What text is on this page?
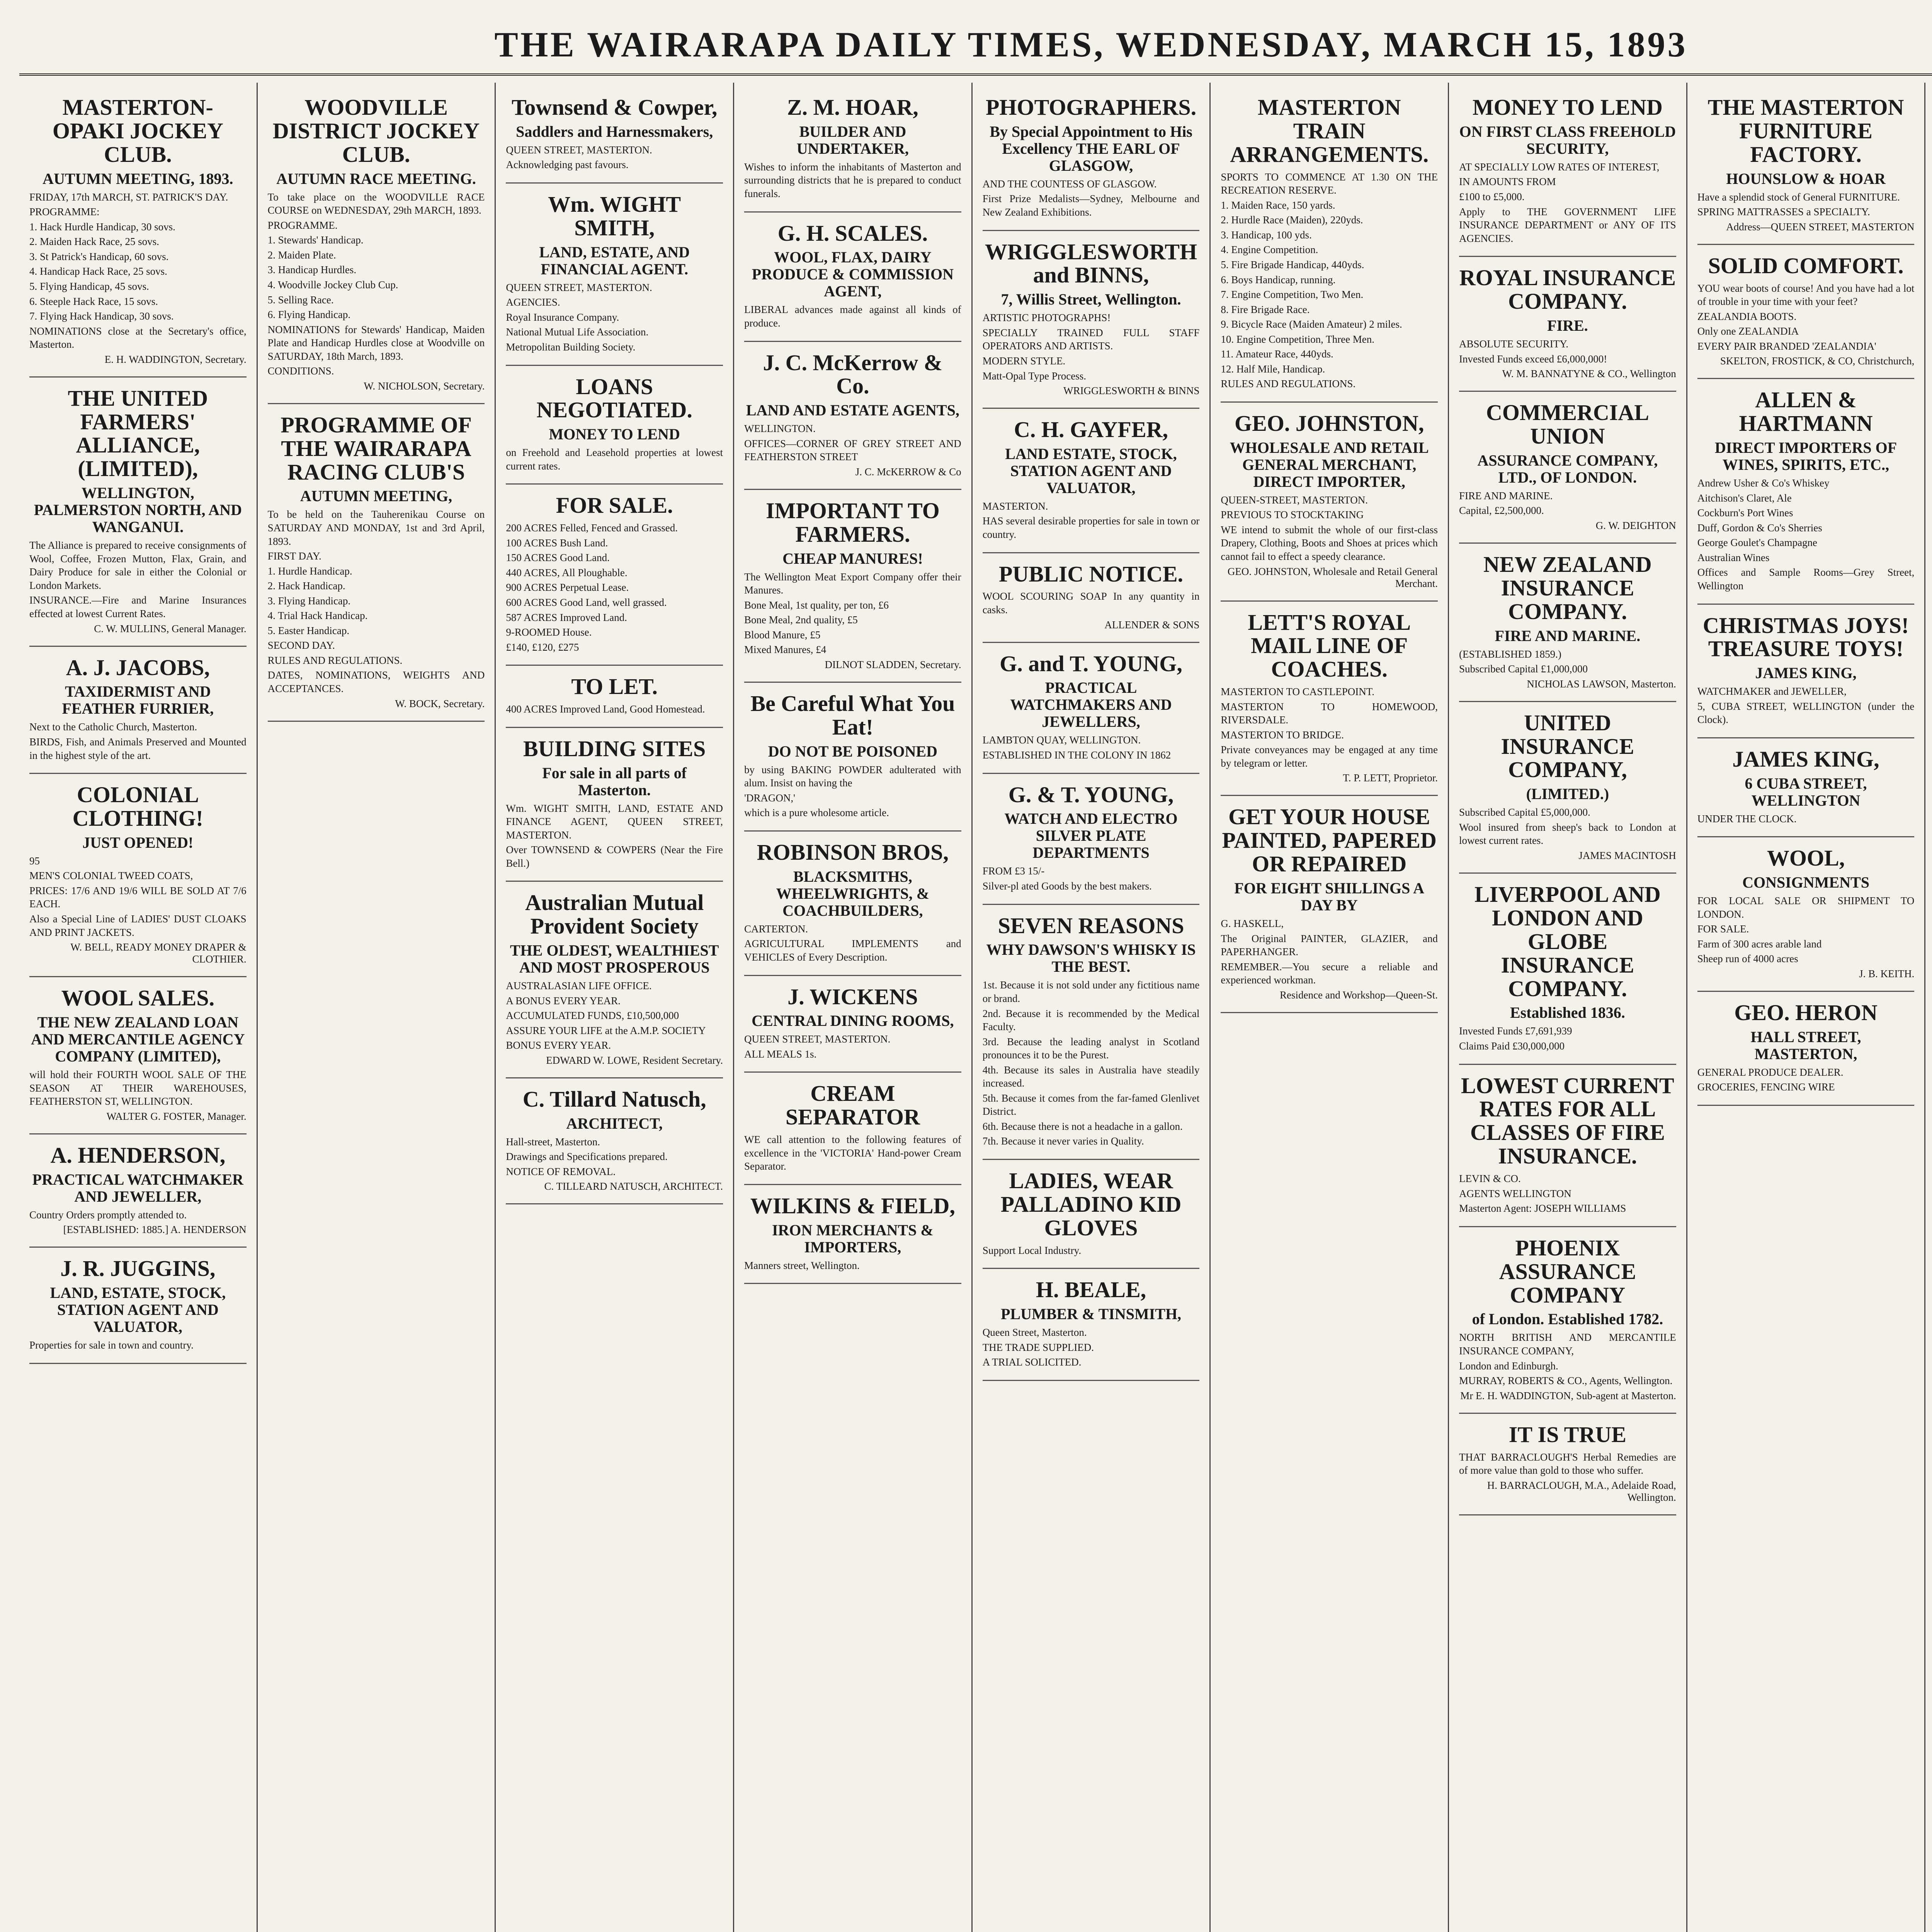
THE WAIRARAPA DAILY TIMES, WEDNESDAY, MARCH 15, 1893
MASTERTON-OPAKI JOCKEY CLUB.
AUTUMN MEETING, 1893.
FRIDAY, 17th MARCH, ST. PATRICK'S DAY.
PROGRAMME:
1. Hack Hurdle Handicap, 30 sovs.
2. Maiden Hack Race, 25 sovs.
3. St Patrick's Handicap, 60 sovs.
4. Handicap Hack Race, 25 sovs.
5. Flying Handicap, 45 sovs.
6. Steeple Hack Race, 15 sovs.
7. Flying Hack Handicap, 30 sovs.
NOMINATIONS close at the Secretary's office, Masterton.
E. H. WADDINGTON, Secretary.
THE UNITED FARMERS' ALLIANCE, (LIMITED),
WELLINGTON, PALMERSTON NORTH, AND WANGANUI.
The Alliance is prepared to receive consignments of Wool, Coffee, Frozen Mutton, Flax, Grain, and Dairy Produce for sale in either the Colonial or London Markets.
INSURANCE.—Fire and Marine Insurances effected at lowest Current Rates.
C. W. MULLINS, General Manager.
A. J. JACOBS,
TAXIDERMIST AND FEATHER FURRIER,
Next to the Catholic Church, Masterton.
BIRDS, Fish, and Animals Preserved and Mounted in the highest style of the art.
COLONIAL CLOTHING!
JUST OPENED!
95
MEN'S COLONIAL TWEED COATS,
PRICES: 17/6 AND 19/6 WILL BE SOLD AT 7/6 EACH.
Also a Special Line of LADIES' DUST CLOAKS AND PRINT JACKETS.
W. BELL, READY MONEY DRAPER & CLOTHIER.
WOOL SALES.
THE NEW ZEALAND LOAN AND MERCANTILE AGENCY COMPANY (LIMITED),
will hold their FOURTH WOOL SALE OF THE SEASON AT THEIR WAREHOUSES, FEATHERSTON ST, WELLINGTON.
WALTER G. FOSTER, Manager.
A. HENDERSON,
PRACTICAL WATCHMAKER AND JEWELLER,
Country Orders promptly attended to.
[ESTABLISHED: 1885.] A. HENDERSON
J. R. JUGGINS,
LAND, ESTATE, STOCK, STATION AGENT AND VALUATOR,
Properties for sale in town and country.
WOODVILLE DISTRICT JOCKEY CLUB.
AUTUMN RACE MEETING.
To take place on the WOODVILLE RACE COURSE on WEDNESDAY, 29th MARCH, 1893.
PROGRAMME.
1. Stewards' Handicap.
2. Maiden Plate.
3. Handicap Hurdles.
4. Woodville Jockey Club Cup.
5. Selling Race.
6. Flying Handicap.
NOMINATIONS for Stewards' Handicap, Maiden Plate and Handicap Hurdles close at Woodville on SATURDAY, 18th March, 1893.
CONDITIONS.
W. NICHOLSON, Secretary.
PROGRAMME OF THE WAIRARAPA RACING CLUB'S
AUTUMN MEETING,
To be held on the Tauherenikau Course on SATURDAY AND MONDAY, 1st and 3rd April, 1893.
FIRST DAY.
1. Hurdle Handicap.
2. Hack Handicap.
3. Flying Handicap.
4. Trial Hack Handicap.
5. Easter Handicap.
SECOND DAY.
RULES AND REGULATIONS.
DATES, NOMINATIONS, WEIGHTS AND ACCEPTANCES.
W. BOCK, Secretary.
Townsend & Cowper,
Saddlers and Harnessmakers,
QUEEN STREET, MASTERTON.
Acknowledging past favours.
Wm. WIGHT SMITH,
LAND, ESTATE, AND FINANCIAL AGENT.
QUEEN STREET, MASTERTON.
AGENCIES.
Royal Insurance Company.
National Mutual Life Association.
Metropolitan Building Society.
LOANS NEGOTIATED.
MONEY TO LEND
on Freehold and Leasehold properties at lowest current rates.
FOR SALE.
200 ACRES Felled, Fenced and Grassed.
100 ACRES Bush Land.
150 ACRES Good Land.
440 ACRES, All Ploughable.
900 ACRES Perpetual Lease.
600 ACRES Good Land, well grassed.
587 ACRES Improved Land.
9-ROOMED House.
£140, £120, £275
TO LET.
400 ACRES Improved Land, Good Homestead.
BUILDING SITES
For sale in all parts of Masterton.
Wm. WIGHT SMITH, LAND, ESTATE AND FINANCE AGENT, QUEEN STREET, MASTERTON.
Over TOWNSEND & COWPERS (Near the Fire Bell.)
Australian Mutual Provident Society
THE OLDEST, WEALTHIEST AND MOST PROSPEROUS
AUSTRALASIAN LIFE OFFICE.
A BONUS EVERY YEAR.
ACCUMULATED FUNDS, £10,500,000
ASSURE YOUR LIFE at the A.M.P. SOCIETY
BONUS EVERY YEAR.
EDWARD W. LOWE, Resident Secretary.
C. Tillard Natusch,
ARCHITECT,
Hall-street, Masterton.
Drawings and Specifications prepared.
NOTICE OF REMOVAL.
C. TILLEARD NATUSCH, ARCHITECT.
Z. M. HOAR,
BUILDER AND UNDERTAKER,
Wishes to inform the inhabitants of Masterton and surrounding districts that he is prepared to conduct funerals.
G. H. SCALES.
WOOL, FLAX, DAIRY PRODUCE & COMMISSION AGENT,
LIBERAL advances made against all kinds of produce.
J. C. McKerrow & Co.
LAND AND ESTATE AGENTS,
WELLINGTON.
OFFICES—CORNER OF GREY STREET AND FEATHERSTON STREET
J. C. McKERROW & Co
IMPORTANT TO FARMERS.
CHEAP MANURES!
The Wellington Meat Export Company offer their Manures.
Bone Meal, 1st quality, per ton, £6
Bone Meal, 2nd quality, £5
Blood Manure, £5
Mixed Manures, £4
DILNOT SLADDEN, Secretary.
Be Careful What You Eat!
DO NOT BE POISONED
by using BAKING POWDER adulterated with alum. Insist on having the
'DRAGON,'
which is a pure wholesome article.
ROBINSON BROS,
BLACKSMITHS, WHEELWRIGHTS, & COACHBUILDERS,
CARTERTON.
AGRICULTURAL IMPLEMENTS and VEHICLES of Every Description.
J. WICKENS
CENTRAL DINING ROOMS,
QUEEN STREET, MASTERTON.
ALL MEALS 1s.
CREAM SEPARATOR
WE call attention to the following features of excellence in the 'VICTORIA' Hand-power Cream Separator.
WILKINS & FIELD,
IRON MERCHANTS & IMPORTERS,
Manners street, Wellington.
PHOTOGRAPHERS.
By Special Appointment to His Excellency THE EARL OF GLASGOW,
AND THE COUNTESS OF GLASGOW.
First Prize Medalists—Sydney, Melbourne and New Zealand Exhibitions.
WRIGGLESWORTH and BINNS,
7, Willis Street, Wellington.
ARTISTIC PHOTOGRAPHS!
SPECIALLY TRAINED FULL STAFF OPERATORS AND ARTISTS.
MODERN STYLE.
Matt-Opal Type Process.
WRIGGLESWORTH & BINNS
C. H. GAYFER,
LAND ESTATE, STOCK, STATION AGENT AND VALUATOR,
MASTERTON.
HAS several desirable properties for sale in town or country.
PUBLIC NOTICE.
WOOL SCOURING SOAP In any quantity in casks.
ALLENDER & SONS
G. and T. YOUNG,
PRACTICAL WATCHMAKERS AND JEWELLERS,
LAMBTON QUAY, WELLINGTON.
ESTABLISHED IN THE COLONY IN 1862
G. & T. YOUNG,
WATCH AND ELECTRO SILVER PLATE DEPARTMENTS
FROM £3 15/-
Silver-pl ated Goods by the best makers.
SEVEN REASONS
WHY DAWSON'S WHISKY IS THE BEST.
1st. Because it is not sold under any fictitious name or brand.
2nd. Because it is recommended by the Medical Faculty.
3rd. Because the leading analyst in Scotland pronounces it to be the Purest.
4th. Because its sales in Australia have steadily increased.
5th. Because it comes from the far-famed Glenlivet District.
6th. Because there is not a headache in a gallon.
7th. Because it never varies in Quality.
LADIES, WEAR PALLADINO KID GLOVES
Support Local Industry.
H. BEALE,
PLUMBER & TINSMITH,
Queen Street, Masterton.
THE TRADE SUPPLIED.
A TRIAL SOLICITED.
MASTERTON TRAIN ARRANGEMENTS.
SPORTS TO COMMENCE AT 1.30 ON THE RECREATION RESERVE.
1. Maiden Race, 150 yards.
2. Hurdle Race (Maiden), 220yds.
3. Handicap, 100 yds.
4. Engine Competition.
5. Fire Brigade Handicap, 440yds.
6. Boys Handicap, running.
7. Engine Competition, Two Men.
8. Fire Brigade Race.
9. Bicycle Race (Maiden Amateur) 2 miles.
10. Engine Competition, Three Men.
11. Amateur Race, 440yds.
12. Half Mile, Handicap.
RULES AND REGULATIONS.
GEO. JOHNSTON,
WHOLESALE AND RETAIL GENERAL MERCHANT, DIRECT IMPORTER,
QUEEN-STREET, MASTERTON.
PREVIOUS TO STOCKTAKING
WE intend to submit the whole of our first-class Drapery, Clothing, Boots and Shoes at prices which cannot fail to effect a speedy clearance.
GEO. JOHNSTON, Wholesale and Retail General Merchant.
LETT'S ROYAL MAIL LINE OF COACHES.
MASTERTON TO CASTLEPOINT.
MASTERTON TO HOMEWOOD, RIVERSDALE.
MASTERTON TO BRIDGE.
Private conveyances may be engaged at any time by telegram or letter.
T. P. LETT, Proprietor.
GET YOUR HOUSE PAINTED, PAPERED OR REPAIRED
FOR EIGHT SHILLINGS A DAY BY
G. HASKELL,
The Original PAINTER, GLAZIER, and PAPERHANGER.
REMEMBER.—You secure a reliable and experienced workman.
Residence and Workshop—Queen-St.
MONEY TO LEND
ON FIRST CLASS FREEHOLD SECURITY,
AT SPECIALLY LOW RATES OF INTEREST,
IN AMOUNTS FROM
£100 to £5,000.
Apply to THE GOVERNMENT LIFE INSURANCE DEPARTMENT or ANY OF ITS AGENCIES.
ROYAL INSURANCE COMPANY.
FIRE.
ABSOLUTE SECURITY.
Invested Funds exceed £6,000,000!
W. M. BANNATYNE & CO., Wellington
COMMERCIAL UNION
ASSURANCE COMPANY, LTD., OF LONDON.
FIRE AND MARINE.
Capital, £2,500,000.
G. W. DEIGHTON
NEW ZEALAND INSURANCE COMPANY.
FIRE AND MARINE.
(ESTABLISHED 1859.)
Subscribed Capital £1,000,000
NICHOLAS LAWSON, Masterton.
UNITED INSURANCE COMPANY,
(LIMITED.)
Subscribed Capital £5,000,000.
Wool insured from sheep's back to London at lowest current rates.
JAMES MACINTOSH
LIVERPOOL AND LONDON AND GLOBE INSURANCE COMPANY.
Established 1836.
Invested Funds £7,691,939
Claims Paid £30,000,000
LOWEST CURRENT RATES FOR ALL CLASSES OF FIRE INSURANCE.
LEVIN & CO.
AGENTS WELLINGTON
Masterton Agent: JOSEPH WILLIAMS
PHOENIX ASSURANCE COMPANY
of London. Established 1782.
NORTH BRITISH AND MERCANTILE INSURANCE COMPANY,
London and Edinburgh.
MURRAY, ROBERTS & CO., Agents, Wellington.
Mr E. H. WADDINGTON, Sub-agent at Masterton.
IT IS TRUE
THAT BARRACLOUGH'S Herbal Remedies are of more value than gold to those who suffer.
H. BARRACLOUGH, M.A., Adelaide Road, Wellington.
THE MASTERTON FURNITURE FACTORY.
HOUNSLOW & HOAR
Have a splendid stock of General FURNITURE.
SPRING MATTRASSES a SPECIALTY.
Address—QUEEN STREET, MASTERTON
SOLID COMFORT.
YOU wear boots of course! And you have had a lot of trouble in your time with your feet?
ZEALANDIA BOOTS.
Only one ZEALANDIA
EVERY PAIR BRANDED 'ZEALANDIA'
SKELTON, FROSTICK, & CO, Christchurch,
ALLEN & HARTMANN
DIRECT IMPORTERS OF WINES, SPIRITS, ETC.,
Andrew Usher & Co's Whiskey
Aitchison's Claret, Ale
Cockburn's Port Wines
Duff, Gordon & Co's Sherries
George Goulet's Champagne
Australian Wines
Offices and Sample Rooms—Grey Street, Wellington
CHRISTMAS JOYS! TREASURE TOYS!
JAMES KING,
WATCHMAKER and JEWELLER,
5, CUBA STREET, WELLINGTON (under the Clock).
JAMES KING,
6 CUBA STREET, WELLINGTON
UNDER THE CLOCK.
WOOL,
CONSIGNMENTS
FOR LOCAL SALE OR SHIPMENT TO LONDON.
FOR SALE.
Farm of 300 acres arable land
Sheep run of 4000 acres
J. B. KEITH.
GEO. HERON
HALL STREET, MASTERTON,
GENERAL PRODUCE DEALER.
GROCERIES, FENCING WIRE
